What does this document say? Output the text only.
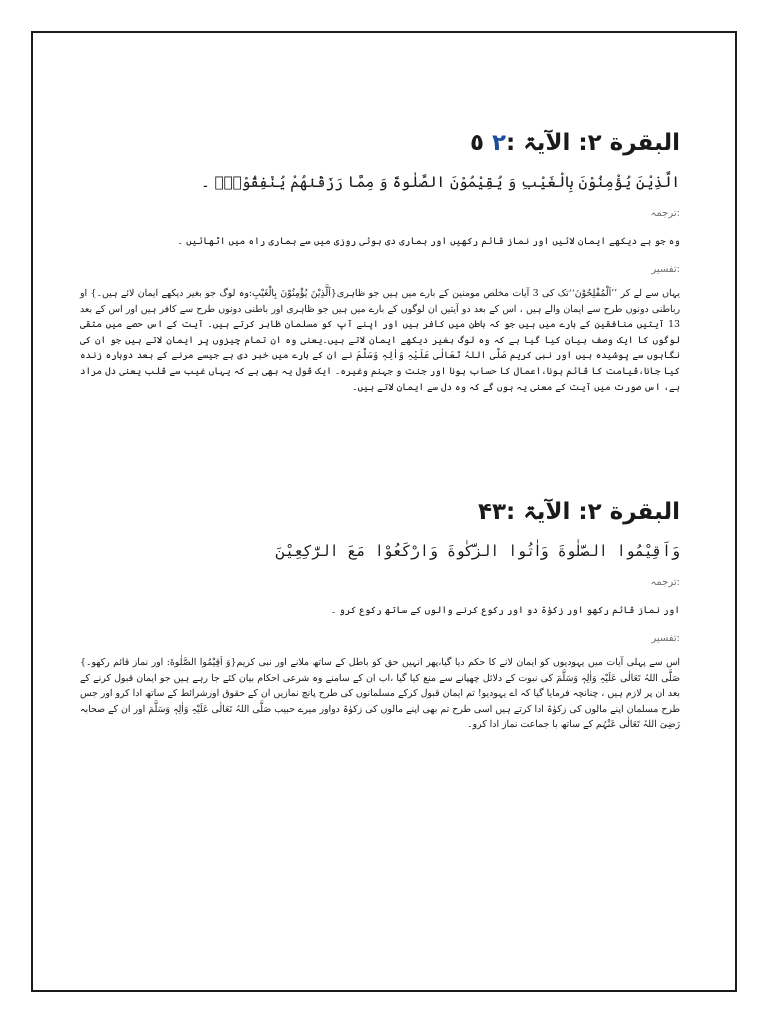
البقرة ۲: الآیۃ :۲ ٥

الَّذِیْنَ یُؤْمِنُوْنَ بِالْغَیْبِ وَ یُقِیْمُوْنَ الصَّلٰوةَ وَ مِمَّا رَزَقْنٰهُمْ یُنْفِقُوْنَۙ ۔

:ترجمہ

وہ جو بے دیکھے ایمان لائیں اور نماز قائم رکھیں اور ہماری دی ہوئی روزی میں سے ہماری راہ میں اٹھائیں ۔

:تفسیر

یہاں سے لے کر ’’اَلْمُفْلِحُوْنَ‘‘تک کی 3 آیات مخلص مومنین کے بارے میں ہیں جو ظاہری{اَلَّذِیْنَ یُؤْمِنُوْنَ بِالْغَیْبِ:وہ لوگ جو بغیر دیکھے ایمان لائے ہیں۔} او رباطنی دونوں طرح سے ایمان والے ہیں ، اس کے بعد دو آیتیں ان لوگوں کے بارے میں ہیں جو ظاہری اور باطنی دونوں طرح سے کافر ہیں اور اس کے بعد 13 آیتیں منافقین کے بارے میں ہیں جو کہ باطن میں کافر ہیں اور اپنے آپ کو مسلمان ظاہر کرتے ہیں۔ آیت کے اس حصے میں متقی لوگوں کا ایک وصف بیان کیا گیا ہے کہ وہ لوگ بغیر دیکھے ایمان لاتے ہیں۔یعنی وہ ان تمام چیزوں پر ایمان لاتے ہیں جو ان کی نگاہوں سے پوشیدہ ہیں اور نبی کریم صَلَّی اللہُ تَعَالٰی عَلَیْہِ وَاٰلِہٖ وَسَلَّمَ نے ان کے بارے میں خبر دی ہے جیسے مرنے کے بعد دوبارہ زندہ کیا جانا،قیامت کا قائم ہونا،اعمال کا حساب ہونا اور جنت و جہنم وغیرہ۔ ایک قول یہ بھی ہے کہ یہاں غیب سے قلب یعنی دل مراد ہے، اس صورت میں آیت کے معنی یہ ہوں گے کہ وہ دل سے ایمان لاتے ہیں۔

البقرة ۲: الآیۃ :۴۳

وَاَقِیْمُوا الصَّلٰوةَ وَاٰتُوا الزَّكٰوةَ وَارْكَعُوْا مَعَ الرّٰكِعِیْنَ

:ترجمہ

اور نماز قائم رکھو اور زکوٰۃ دو اور رکوع کرنے والوں کے ساتھ رکوع کرو ۔

:تفسیر

اس سے پہلی آیات میں یہودیوں کو ایمان لانے کا حکم دیا گیا،پھر انہیں حق کو باطل کے ساتھ ملانے اور نبی کریم{وَ اَقِیْمُوا الصَّلٰوةَ: اور نماز قائم رکھو۔} صَلَّی اللہُ تَعَالٰی عَلَیْہِ وَاٰلِہٖ وَسَلَّمَ کی نبوت کے دلائل چھپانے سے منع کیا گیا ،اب ان کے سامنے وہ شرعی احکام بیان کئے جا رہے ہیں جو ایمان قبول کرنے کے بعد ان پر لازم ہیں ، چنانچہ فرمایا گیا کہ اے یہودیو! تم ایمان قبول کرکے مسلمانوں کی طرح پانچ نمازیں ان کے حقوق اورشرائط کے ساتھ ادا کرو اور جس طرح مسلمان اپنے مالوں کی زکوٰۃ ادا کرتے ہیں اسی طرح تم بھی اپنے مالوں کی زکوٰۃ دواور میرے حبیب صَلَّی اللہُ تَعَالٰی عَلَیْہِ وَاٰلِہٖ وَسَلَّمَ اور ان کے صحابہ رَضِیَ اللہُ تَعَالٰی عَنْہُم کے ساتھ با جماعت نماز ادا کرو۔
